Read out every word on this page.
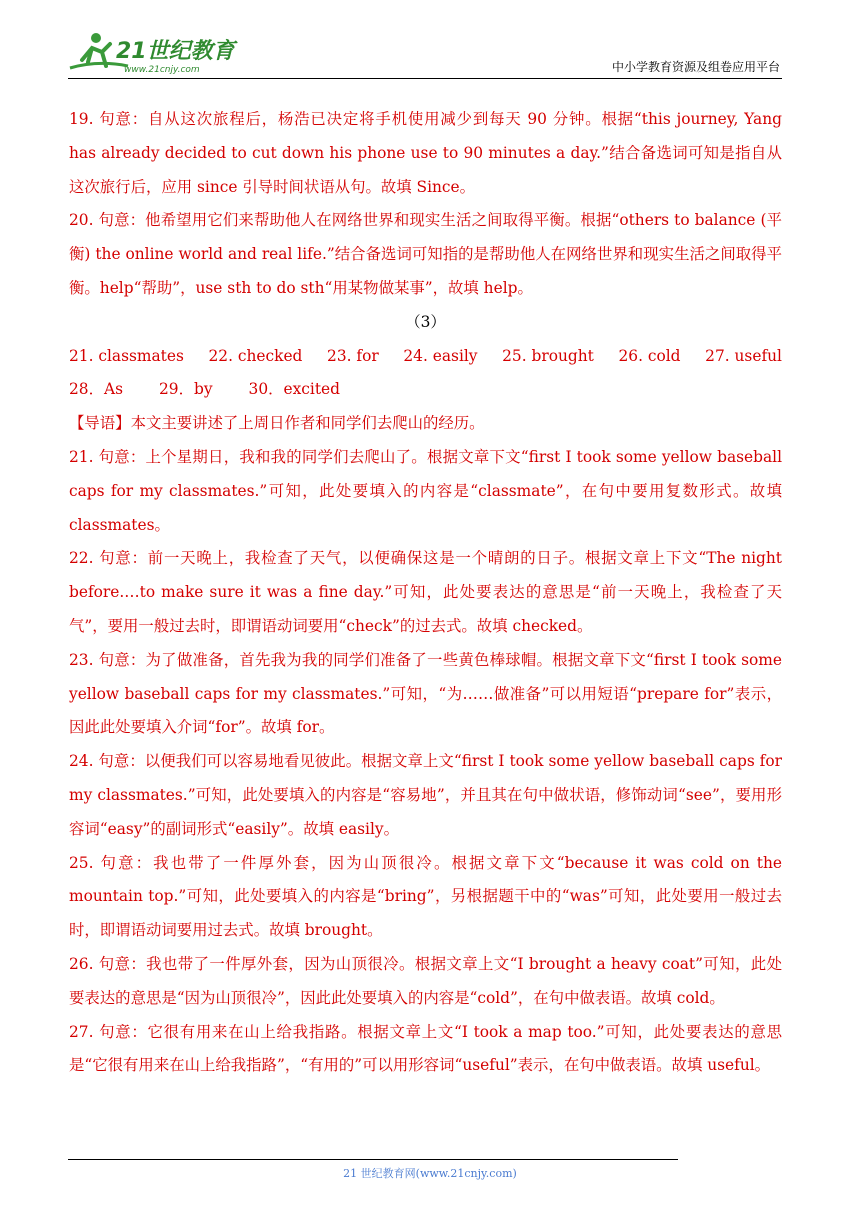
21世纪教育
www.21cnjy.com	中小学教育资源及组卷应用平台

19. 句意：自从这次旅程后，杨浩已决定将手机使用减少到每天 90 分钟。根据“this journey, Yang has already decided to cut down his phone use to 90 minutes a day.”结合备选词可知是指自从这次旅行后，应用 since 引导时间状语从句。故填 Since。

20. 句意：他希望用它们来帮助他人在网络世界和现实生活之间取得平衡。根据“others to balance (平衡) the online world and real life.”结合备选词可知指的是帮助他人在网络世界和现实生活之间取得平衡。help“帮助”，use sth to do sth“用某物做某事”，故填 help。

（3）

21. classmates 22. checked 23. for 24. easily 25. brought 26. cold 27. useful
28．As 29．by 30．excited

【导语】本文主要讲述了上周日作者和同学们去爬山的经历。

21. 句意：上个星期日，我和我的同学们去爬山了。根据文章下文“first I took some yellow baseball caps for my classmates.”可知，此处要填入的内容是“classmate”，在句中要用复数形式。故填 classmates。

22. 句意：前一天晚上，我检查了天气，以便确保这是一个晴朗的日子。根据文章上下文“The night before.…to make sure it was a fine day.”可知，此处要表达的意思是“前一天晚上，我检查了天气”，要用一般过去时，即谓语动词要用“check”的过去式。故填 checked。

23. 句意：为了做准备，首先我为我的同学们准备了一些黄色棒球帽。根据文章下文“first I took some yellow baseball caps for my classmates.”可知，“为……做准备”可以用短语“prepare for”表示，因此此处要填入介词“for”。故填 for。

24. 句意：以便我们可以容易地看见彼此。根据文章上文“first I took some yellow baseball caps for my classmates.”可知，此处要填入的内容是“容易地”，并且其在句中做状语，修饰动词“see”，要用形容词“easy”的副词形式“easily”。故填 easily。

25. 句意：我也带了一件厚外套，因为山顶很冷。根据文章下文“because it was cold on the mountain top.”可知，此处要填入的内容是“bring”，另根据题干中的“was”可知，此处要用一般过去时，即谓语动词要用过去式。故填 brought。

26. 句意：我也带了一件厚外套，因为山顶很冷。根据文章上文“I brought a heavy coat”可知，此处要表达的意思是“因为山顶很冷”，因此此处要填入的内容是“cold”，在句中做表语。故填 cold。

27. 句意：它很有用来在山上给我指路。根据文章上文“I took a map too.”可知，此处要表达的意思是“它很有用来在山上给我指路”，“有用的”可以用形容词“useful”表示，在句中做表语。故填 useful。

21 世纪教育网(www.21cnjy.com)
